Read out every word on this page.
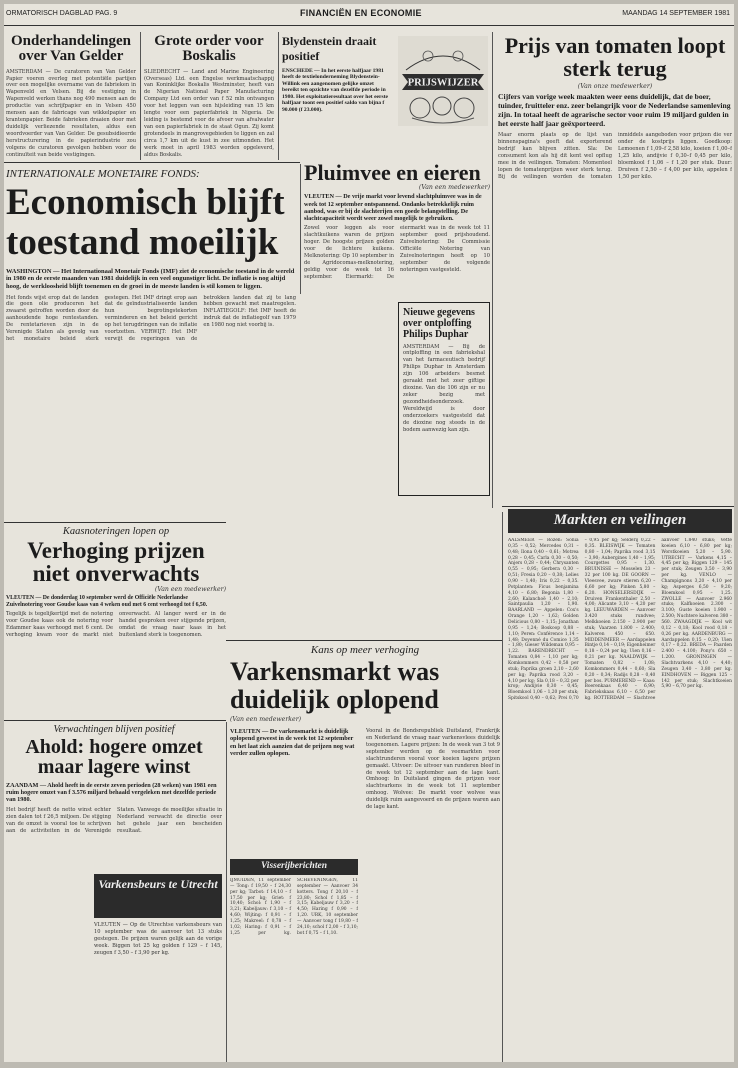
ORMATORISCH DAGBLAD PAG. 9	FINANCIËN EN ECONOMIE	MAANDAG 14 SEPTEMBER 1981
Onderhandelingen over Van Gelder
AMSTERDAM — De curatoren van Van Gelder Papier voeren overleg met potentiële partijen over een mogelijke overname van de fabrieken in Wapenveld en Velsen. Bij de vestiging in Wapenveld werken thans nog 490 mensen aan de productie van schrijfpapier en in Velsen 450 mensen aan de fabricage van wikkelpapier en krantenpapier. Beide fabrieken draaien door met duidelijk verliezende resultaten, aldus een woordvoerder van Van Gelder. De gesubsidieerde herstructurering in de papierindustrie zou volgens de curatoren gevolgen hebben voor de continuïteit van beide vestigingen.
Grote order voor Boskalis
SLIEDRECHT — Land and Marine Engineering (Overseas) Ltd. een Engelse werkmaatschappij van Koninklijke Boskalis Westminster, heeft van de Nigerian National Paper Manufacturing Company Ltd een order van f 52 mln ontvangen voor het leggen van een hijsleiding van 15 km lengte voor een papierfabriek in Nigeria. De leiding is bestemd voor de afvoer van afvalwater van een papierfabriek in de staat Ogun. Zij komt grotendeels in mangrovegebieden te liggen en zal circa 1,7 km uit de kust in zee uitmonden. Het werk moet in april 1983 worden opgeleverd, aldus Boskalis.
Blydenstein draait positief
ENSCHEDE — In het eerste halfjaar 1981 heeft de textielonderneming Blydenstein-Willink een aangenomen gelijke omzet bereikt ten opzichte van dezelfde periode in 1980. Het exploitatieresultaat over het eerste halfjaar toont een positief saldo van bijna f 90.000 (f 23.000).
PRIJSWIJZER
Prijs van tomaten loopt sterk terug
(Van onze medewerker)
Cijfers van vorige week maakten weer eens duidelijk, dat de boer, tuinder, fruitteler enz. zeer belangrijk voor de Nederlandse samenleving zijn. In totaal heeft de agrarische sector voor ruim 19 miljard gulden in het eerste half jaar geëxporteerd.
Maar enorm plaats op de lijst van binnenspagina's geeft dat exporterend bedrijf kan blijven zitten. Sla: De consument kon als hij dit kent wel opflug mee in de veilingen. Tomaten: Momenteel lopen de tomatenprijzen weer sterk terug. Bij de veilingen worden de tomaten inmiddels aangeboden voor prijzen die ver onder de kostprijs liggen. Goedkoop: Lemoenen f 1,09–f 2,58 kilo, koeien f 1,00–f 1,25 kilo, andijvie f 0,30–f 0,45 per kilo, bloemkool f 1,06 – f 1,20 per stuk. Duur: Druiven f 2,50 – f 4,00 per kilo, appelen f 1,50 per kilo.
Pluimvee en eieren
(Van een medewerker)
VLEUTEN — De vrije markt voor levend slachtpluimvee was in de week tot 12 september ontspannend. Ondanks betrekkelijk ruim aanbod, was er bij de slachterijen een goede belangstelling. De slachtcapaciteit wordt weer zowel mogelijk te gebruiken.
Zowel voor leggen als voor slachtkuikens waren de prijzen hoger. De hoogste prijzen golden voor de lichtere kuikens. Melknotering: Op 10 september in de Agridocomas-melknotering, geldig voor de week tot 16 september. Eiermarkt: De eiermarkt was in de week tot 11 september goed prijshoudend. Zuivelnotering: De Commissie Officiële Notering van Zuivelnoteringen heeft op 10 september de volgende noteringen vastgesteld.
Nieuwe gegevens over ontploffing Philips Duphar
AMSTERDAM — Bij de ontploffing in een fabriekshal van het farmaceutisch bedrijf Philips Duphar in Amsterdam zijn 106 arbeiders besmet geraakt met het zeer giftige dioxine. Van die 106 zijn er nu zeker bezig met gezondheidsonderzoek. Wereldwijd is door onderzoekers vastgesteld dat de dioxine nog steeds in de bodem aanwezig kan zijn.
INTERNATIONALE MONETAIRE FONDS:
Economisch blijft toestand moeilijk
WASHINGTON — Het Internationaal Monetair Fonds (IMF) ziet de economische toestand in de wereld in 1980 en de eerste maanden van 1981 duidelijk in een veel ongunstiger licht. De inflatie is nog altijd hoog, de werkloosheid blijft toenemen en de groei in de meeste landen is stil komen te liggen.
Het fonds wijst erop dat de landen die geen olie produceren het zwaarst getroffen worden door de aanhoudende hoge rentestanden. De rentetarieven zijn in de Verenigde Staten als gevolg van het monetaire beleid sterk gestegen. Het IMF dringt erop aan dat de geïndustrialiseerde landen hun begrotingstekorten verminderen en het beleid gericht op het terugdringen van de inflatie voortzetten. VERWIJT: Het IMF verwijt de regeringen van de betrokken landen dat zij te lang hebben gewacht met maatregelen. INFLATIEGOLF: Het IMF heeft de indruk dat de inflatiegolf van 1979 en 1980 nog niet voorbij is.
Kaasnoteringen lopen op
Verhoging prijzen niet onverwachts
(Van een medewerker)
VLEUTEN — De donderdag 10 september werd de Officiële Nederlandse Zuivelnotering voor Goudse kaas van 4 weken oud met 6 cent verhoogd tot f 6,50.
Tegelijk is tegelijkertijd met de notering voor Goudse kaas ook de notering voor Edammer kaas verhoogd met 6 cent. De verhoging kwam voor de markt niet onverwacht. Al langer werd er in de handel gesproken over stijgende prijzen, omdat de vraag naar kaas in het buitenland sterk is toegenomen.
Verwachtingen blijven positief
Ahold: hogere omzet maar lagere winst
ZAANDAM — Ahold heeft in de eerste zeven perioden (28 weken) van 1981 een ruim hogere omzet van f 3.576 miljard behaald vergeleken met dezelfde periode van 1980.
Het bedrijf heeft de netto winst echter zien dalen tot f 26,5 miljoen. De stijging van de omzet is vooral toe te schrijven aan de activiteiten in de Verenigde Staten. Vanwege de moeilijke situatie in Nederland verwacht de directie over het gehele jaar een bescheiden resultaat.
Varkensbeurs te Utrecht
VLEUTEN — Op de Utrechtse varkensbeurs van 10 september was de aanvoer tot 13 stuks gestegen. De prijzen waren gelijk aan de vorige week. Biggen tot 25 kg golden f 129 – f 145, zeugen f 3,50 – f 3,90 per kg.
Visserijberichten
IJMUIDEN, 11 september — Tong: f 19,50 – f 24,30 per kg; Tarbot: f 14,10 – f 17,50 per kg; Griet: f 10,40; Schol: f 1,90 – f 3,21; Kabeljauw: f 3,10 – f 4,60; Wijting: f 0,91 – f 1,25; Makreel: f 0,78 – f 1,02; Haring: f 0,91 – f 1,25 per kg. SCHEVENINGEN, 11 september — Aanvoer 34 kotters. Tong f 20,10 – f 23,80; Schol f 1,85 – f 3,15; Kabeljauw f 3,20 – f 4,50; Haring f 0,90 – f 1,20. URK, 10 september — Aanvoer tong f 19,80 – f 24,10; schol f 2,00 – f 3,10; bot f 0,75 – f 1,10.
Kans op meer verhoging
Varkensmarkt was duidelijk oplopend
(Van een medewerker)
VLEUTEN — De varkensmarkt is duidelijk oplopend geweest in de week tot 12 september en het laat zich aanzien dat de prijzen nog wat verder zullen oplopen.
Vooral in de Bondsrepubliek Duitsland, Frankrijk en Nederland de vraag naar varkensvlees duidelijk toegenomen. Lagere prijzen: In de week van 3 tot 9 september werden op de veemarkten voor slachtrunderen vooral voor koeien lagere prijzen gemaakt. Uitvoer: De uitvoer van runderen bleef in de week tot 12 september aan de lage kant. Omhoog: In Duitsland gingen de prijzen voor slachtvarkens in de week tot 11 september omhoog. Wolvee: De markt voor wolvee was duidelijk ruim aangevoerd en de prijzen waren aan de lage kant.
Markten en veilingen
AALSMEER — Rozen: Sonia 0,35 – 0,52; Mercedes 0,31 – 0,48; Ilona 0,40 – 0,61; Motrea 0,28 – 0,45; Carla 0,30 – 0,50; Anjers 0,28 – 0,44; Chrysanten 0,55 – 0,95; Gerbera 0,30 – 0,51; Fresia 0,20 – 0,38; Lelies 0,90 – 1,40; Iris 0,22 – 0,35. Potplanten: Ficus benjamina 4,10 – 6,80; Begonia 1,80 – 2,60; Kalanchoë 1,40 – 2,10; Saintpaulia 1,20 – 1,90. BAARLAND — Appelen: Cox's Orange 1,20 – 1,62; Golden Delicious 0,80 – 1,15; Jonathan 0,95 – 1,24; Boskoop 0,88 – 1,10; Peren: Conférence 1,14 – 1,48; Doyenné du Comice 1,35 – 1,80; Gieser Wildeman 0,95 – 1,22. BARENDRECHT — Tomaten 0,84 – 1,10 per kg; Komkommers 0,42 – 0,58 per stuk; Paprika groen 2,10 – 2,60 per kg; Paprika rood 3,20 – 4,10 per kg; Sla 0,18 – 0,32 per krop; Andijvie 0,30 – 0,45; Bloemkool 1,06 – 1,20 per stuk; Spitskool 0,40 – 0,62; Prei 0,70 – 0,95 per kg; Selderij 0,22 – 0,35. BLEISWIJK — Tomaten 0,80 – 1,04; Paprika rood 3,15 – 3,90; Aubergines 1,40 – 1,95; Courgettes 0,95 – 1,30. BRUINISSE — Mosselen 23 – 32 per 100 kg. DE GOORN — Vleesvee, zware stieren 6,20 – 6,60 per kg; Pinken 5,80 – 6,20. HONSELERSDIJK — Druiven Frankenthaler 2,50 – 4,00; Alicante 3,10 – 4,20 per kg. LEEUWARDEN — Aanvoer 3.420 stuks rundvee; Melkkoeien 2.150 – 2.900 per stuk; Vaarzen 1.800 – 2.400; Kalveren 450 – 650. MIDDENMEER — Aardappelen Bintje 0,14 – 0,19; Eigenheimer 0,18 – 0,24 per kg; Uien 0,16 – 0,21 per kg. NAALDWIJK — Tomaten 0,82 – 1,08; Komkommers 0,44 – 0,60; Sla 0,20 – 0,34; Radijs 0,28 – 0,40 per bos. PURMEREND — Kaas: Boerenkaas 6,40 – 6,90; Fabriekskaas 6,10 – 6,50 per kg. ROTTERDAM — Slachtvee aanvoer 1.840 stuks; Vette koeien 6,10 – 6,80 per kg; Worstkoeien 5,20 – 5,90. UTRECHT — Varkens 4,15 – 4,45 per kg; Biggen 129 – 145 per stuk; Zeugen 3,50 – 3,90 per kg. VENLO — Champignons 3,20 – 4,10 per kg; Asperges 6,50 – 9,20; Bloemkool 0,95 – 1,25. ZWOLLE — Aanvoer 2.960 stuks; Kalfkoeien 2.300 – 3.100; Guste koeien 1.900 – 2.500; Nuchtere kalveren 380 – 560. ZWAAGDIJK — Kool wit 0,12 – 0,18; Kool rood 0,18 – 0,26 per kg. AARDENBURG — Aardappelen 0,15 – 0,20; Uien 0,17 – 0,22. BREDA — Paarden 2.400 – 4.100; Pony's 650 – 1.200. GRONINGEN — Slachtvarkens 4,10 – 4,40; Zeugen 3,40 – 3,80 per kg. EINDHOVEN — Biggen 125 – 142 per stuk; Slachtkoeien 5,90 – 6,70 per kg.
